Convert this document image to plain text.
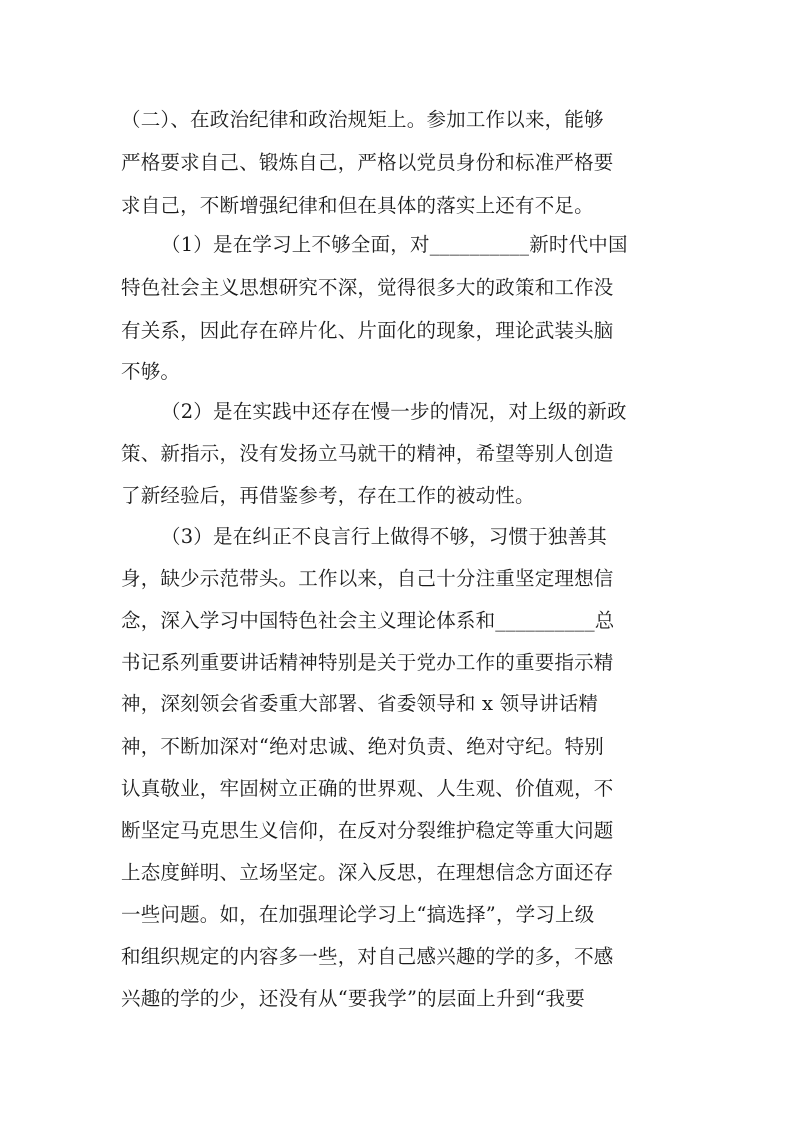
（二）、在政治纪律和政治规矩上。参加工作以来，能够
严格要求自己、锻炼自己，严格以党员身份和标准严格要
求自己，不断增强纪律和但在具体的落实上还有不足。
（1）是在学习上不够全面，对__________新时代中国
特色社会主义思想研究不深，觉得很多大的政策和工作没
有关系，因此存在碎片化、片面化的现象，理论武装头脑
不够。
（2）是在实践中还存在慢一步的情况，对上级的新政
策、新指示，没有发扬立马就干的精神，希望等别人创造
了新经验后，再借鉴参考，存在工作的被动性。
（3）是在纠正不良言行上做得不够，习惯于独善其
身，缺少示范带头。工作以来，自己十分注重坚定理想信
念，深入学习中国特色社会主义理论体系和__________总
书记系列重要讲话精神特别是关于党办工作的重要指示精
神，深刻领会省委重大部署、省委领导和 x 领导讲话精
神，不断加深对“绝对忠诚、绝对负责、绝对守纪。特别
认真敬业，牢固树立正确的世界观、人生观、价值观，不
断坚定马克思生义信仰，在反对分裂维护稳定等重大问题
上态度鲜明、立场坚定。深入反思，在理想信念方面还存
一些问题。如，在加强理论学习上“搞选择”，学习上级
和组织规定的内容多一些，对自己感兴趣的学的多，不感
兴趣的学的少，还没有从“要我学”的层面上升到“我要
